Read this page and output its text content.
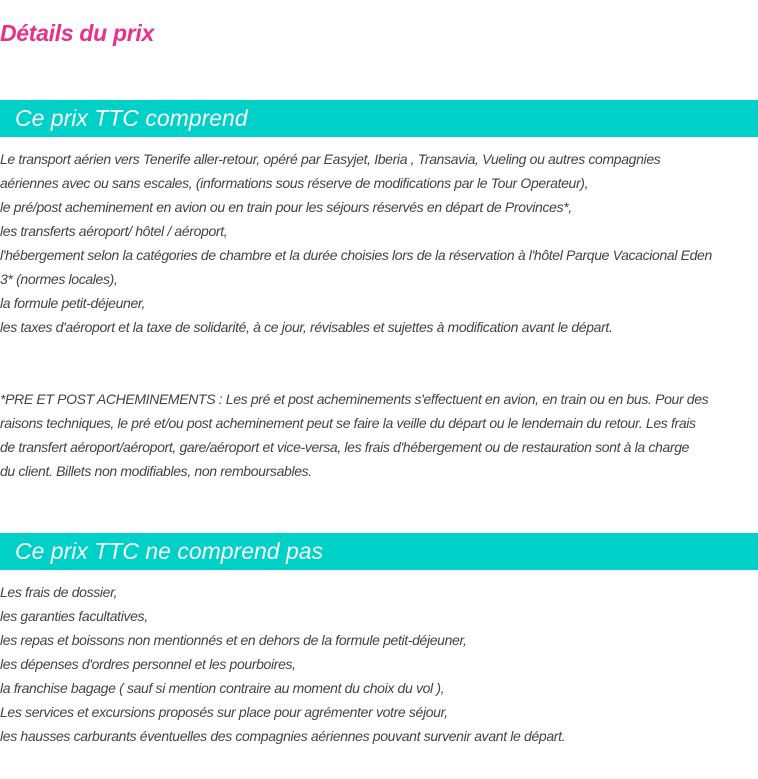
Détails du prix
Ce prix TTC comprend
Le transport aérien vers Tenerife aller-retour, opéré par Easyjet, Iberia , Transavia, Vueling ou autres compagnies
aériennes avec ou sans escales, (informations sous réserve de modifications par le Tour Operateur),
le pré/post acheminement en avion ou en train pour les séjours réservés en départ de Provinces*,
les transferts aéroport/ hôtel / aéroport,
l'hébergement selon la catégories de chambre et la durée choisies lors de la réservation à l'hôtel Parque Vacacional Eden
3* (normes locales),
la formule petit-déjeuner,
les taxes d'aéroport et la taxe de solidarité, à ce jour, révisables et sujettes à modification avant le départ.
*PRE ET POST ACHEMINEMENTS : Les pré et post acheminements s'effectuent en avion, en train ou en bus. Pour des
raisons techniques, le pré et/ou post acheminement peut se faire la veille du départ ou le lendemain du retour. Les frais
de transfert aéroport/aéroport, gare/aéroport et vice-versa, les frais d'hébergement ou de restauration sont à la charge
du client. Billets non modifiables, non remboursables.
Ce prix TTC ne comprend pas
Les frais de dossier,
les garanties facultatives,
les repas et boissons non mentionnés et en dehors de la formule petit-déjeuner,
les dépenses d'ordres personnel et les pourboires,
la franchise bagage ( sauf si mention contraire au moment du choix du vol ),
Les services et excursions proposés sur place pour agrémenter votre séjour,
les hausses carburants éventuelles des compagnies aériennes pouvant survenir avant le départ.
